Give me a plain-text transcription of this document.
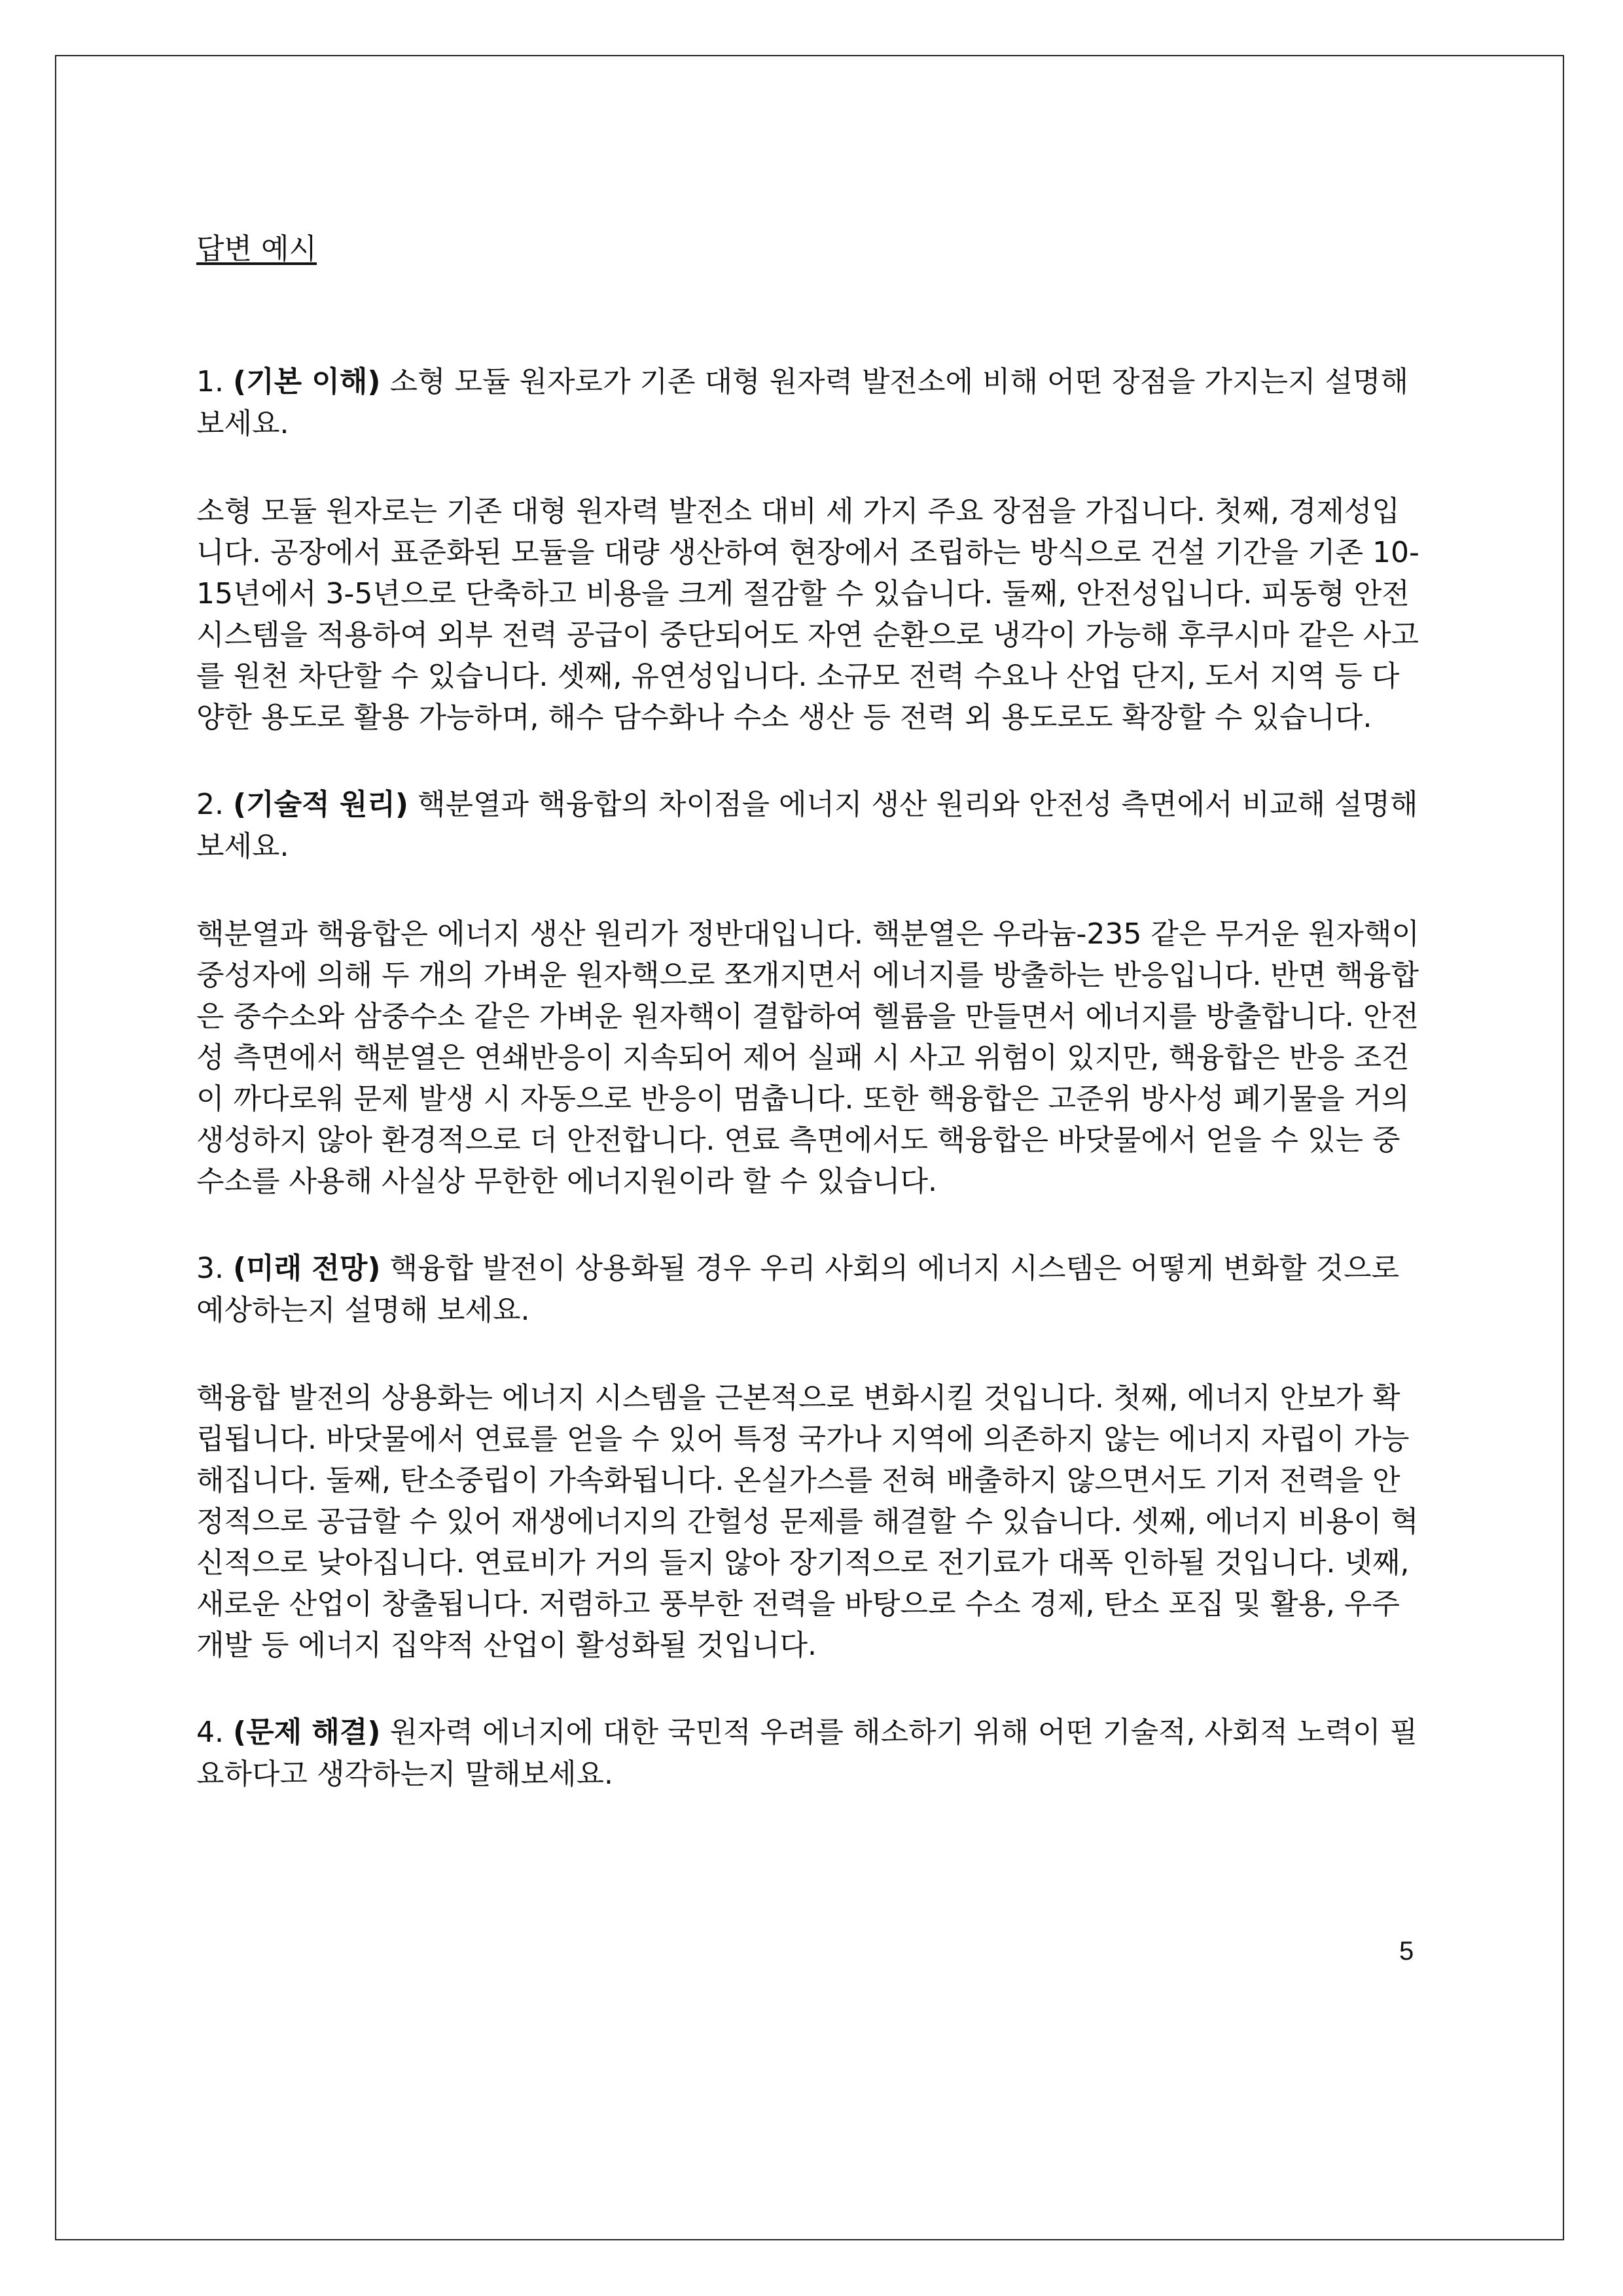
답변 예시

1. (기본 이해) 소형 모듈 원자로가 기존 대형 원자력 발전소에 비해 어떤 장점을 가지는지 설명해 보세요.

소형 모듈 원자로는 기존 대형 원자력 발전소 대비 세 가지 주요 장점을 가집니다. 첫째, 경제성입니다. 공장에서 표준화된 모듈을 대량 생산하여 현장에서 조립하는 방식으로 건설 기간을 기존 10-15년에서 3-5년으로 단축하고 비용을 크게 절감할 수 있습니다. 둘째, 안전성입니다. 피동형 안전 시스템을 적용하여 외부 전력 공급이 중단되어도 자연 순환으로 냉각이 가능해 후쿠시마 같은 사고를 원천 차단할 수 있습니다. 셋째, 유연성입니다. 소규모 전력 수요나 산업 단지, 도서 지역 등 다양한 용도로 활용 가능하며, 해수 담수화나 수소 생산 등 전력 외 용도로도 확장할 수 있습니다.

2. (기술적 원리) 핵분열과 핵융합의 차이점을 에너지 생산 원리와 안전성 측면에서 비교해 설명해 보세요.

핵분열과 핵융합은 에너지 생산 원리가 정반대입니다. 핵분열은 우라늄-235 같은 무거운 원자핵이 중성자에 의해 두 개의 가벼운 원자핵으로 쪼개지면서 에너지를 방출하는 반응입니다. 반면 핵융합은 중수소와 삼중수소 같은 가벼운 원자핵이 결합하여 헬륨을 만들면서 에너지를 방출합니다. 안전성 측면에서 핵분열은 연쇄반응이 지속되어 제어 실패 시 사고 위험이 있지만, 핵융합은 반응 조건이 까다로워 문제 발생 시 자동으로 반응이 멈춥니다. 또한 핵융합은 고준위 방사성 폐기물을 거의 생성하지 않아 환경적으로 더 안전합니다. 연료 측면에서도 핵융합은 바닷물에서 얻을 수 있는 중수소를 사용해 사실상 무한한 에너지원이라 할 수 있습니다.

3. (미래 전망) 핵융합 발전이 상용화될 경우 우리 사회의 에너지 시스템은 어떻게 변화할 것으로 예상하는지 설명해 보세요.

핵융합 발전의 상용화는 에너지 시스템을 근본적으로 변화시킬 것입니다. 첫째, 에너지 안보가 확립됩니다. 바닷물에서 연료를 얻을 수 있어 특정 국가나 지역에 의존하지 않는 에너지 자립이 가능해집니다. 둘째, 탄소중립이 가속화됩니다. 온실가스를 전혀 배출하지 않으면서도 기저 전력을 안정적으로 공급할 수 있어 재생에너지의 간헐성 문제를 해결할 수 있습니다. 셋째, 에너지 비용이 혁신적으로 낮아집니다. 연료비가 거의 들지 않아 장기적으로 전기료가 대폭 인하될 것입니다. 넷째, 새로운 산업이 창출됩니다. 저렴하고 풍부한 전력을 바탕으로 수소 경제, 탄소 포집 및 활용, 우주 개발 등 에너지 집약적 산업이 활성화될 것입니다.

4. (문제 해결) 원자력 에너지에 대한 국민적 우려를 해소하기 위해 어떤 기술적, 사회적 노력이 필요하다고 생각하는지 말해보세요.

5
